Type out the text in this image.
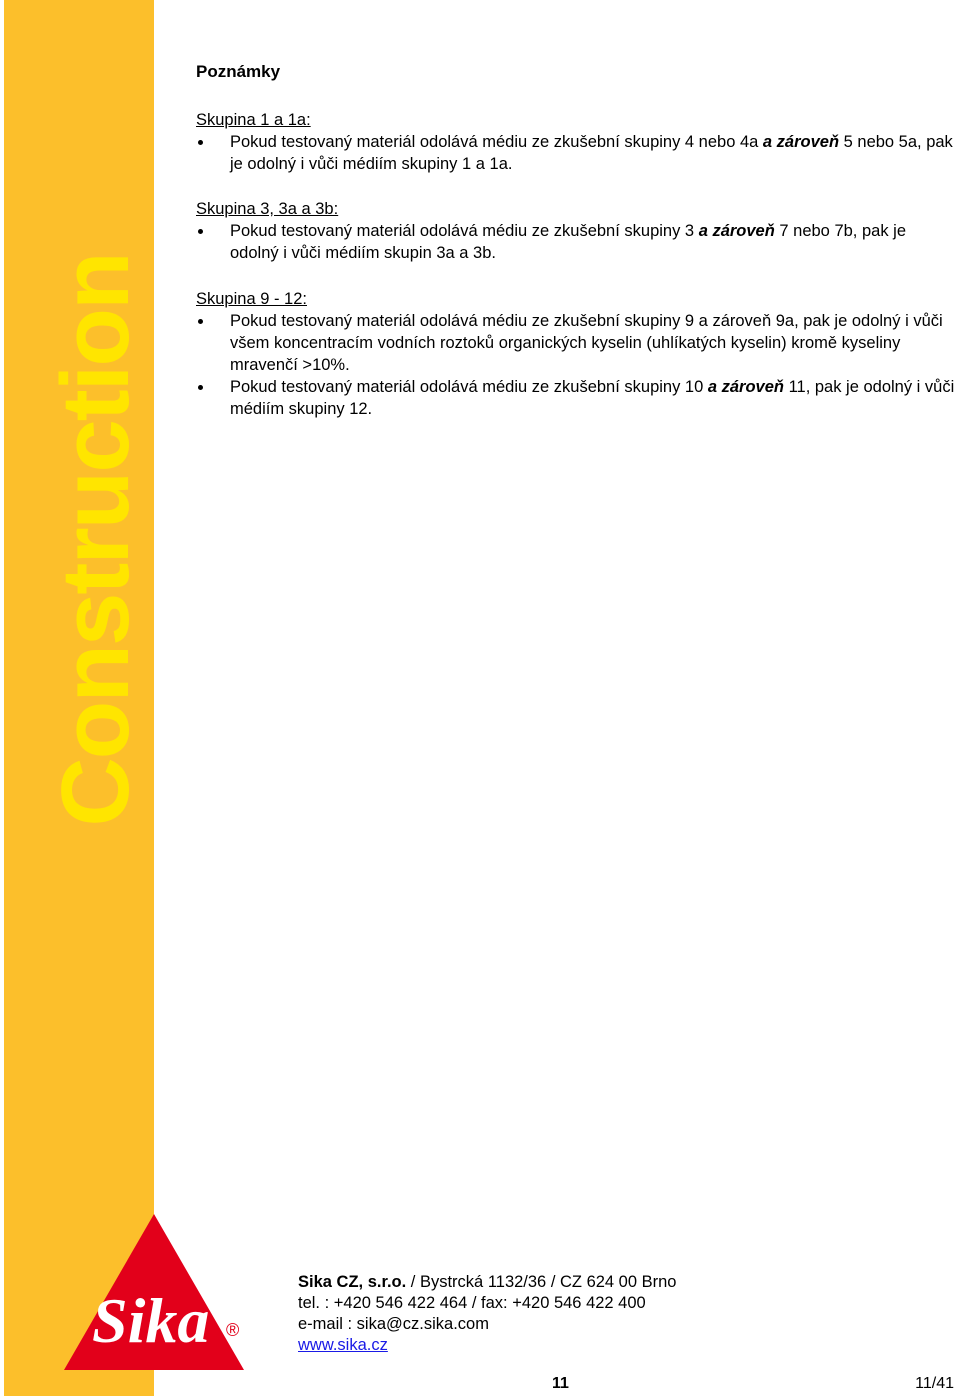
Construction
Autor: J. Willmann
Datum: 02/2007
Poznámky
Skupina 1 a 1a:
Pokud testovaný materiál odolává médiu ze zkušební skupiny 4 nebo 4a a zároveň 5 nebo 5a, pak je odolný i vůči médiím skupiny 1 a 1a.
Skupina 3, 3a a 3b:
Pokud testovaný materiál odolává médiu ze zkušební skupiny 3 a zároveň 7 nebo 7b, pak je odolný i vůči médiím skupin 3a a 3b.
Skupina 9 - 12:
Pokud testovaný materiál odolává médiu ze zkušební skupiny 9 a zároveň 9a, pak je odolný i vůči všem koncentracím vodních roztoků organických kyselin (uhlíkatých kyselin) kromě kyseliny mravenčí >10%.
Pokud testovaný materiál odolává médiu ze zkušební skupiny 10 a zároveň 11, pak je odolný i vůči médiím skupiny 12.
Sika ®
Sika CZ, s.r.o. / Bystrcká 1132/36 / CZ 624 00 Brno
tel. : +420 546 422 464 / fax: +420 546 422 400
e-mail : sika@cz.sika.com
www.sika.cz
11	11/41
